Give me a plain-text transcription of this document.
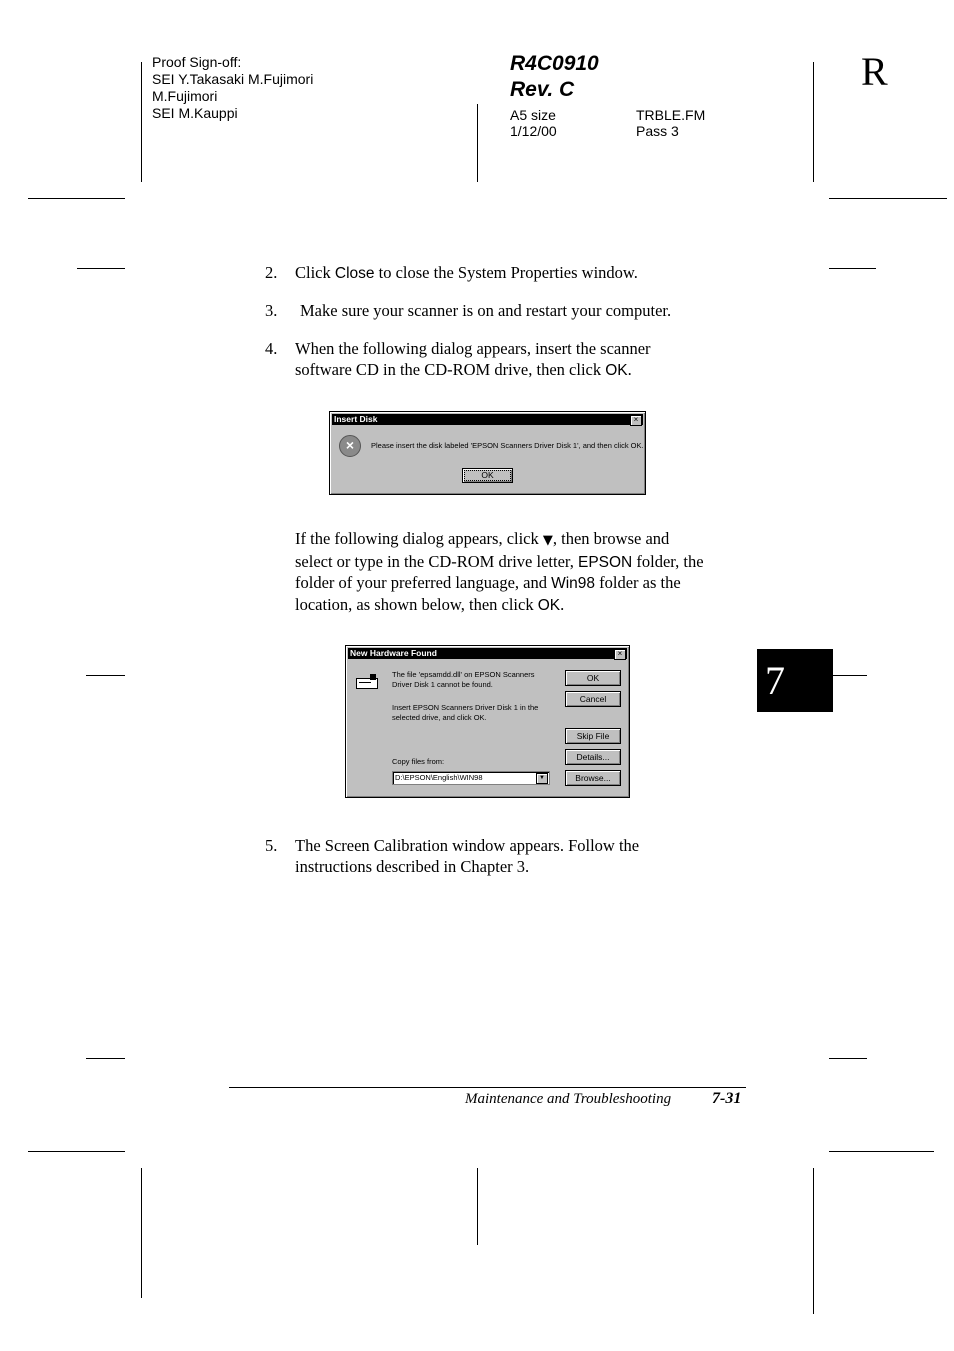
Proof Sign-off:
SEI Y.Takasaki M.Fujimori
M.Fujimori
SEI M.Kauppi
R4C0910
Rev. C
A5 size
1/12/00
TRBLE.FM
Pass 3
R
2.	Click Close to close the System Properties window.
3.	Make sure your scanner is on and restart your computer.
4.	When the following dialog appears, insert the scanner
software CD in the CD-ROM drive, then click OK.
Insert Disk	×
×	Please insert the disk labeled 'EPSON Scanners Driver Disk 1', and then click OK.
OK
If the following dialog appears, click ▼, then browse and
select or type in the CD-ROM drive letter, EPSON folder, the
folder of your preferred language, and Win98 folder as the
location, as shown below, then click OK.
New Hardware Found	×
The file 'epsamdd.dll' on EPSON Scanners
Driver Disk 1 cannot be found.
Insert EPSON Scanners Driver Disk 1 in the
selected drive, and click OK.
Copy files from:
D:\EPSON\English\WIN98	▼
OK
Cancel
Skip File
Details...
Browse...
7
5.	The Screen Calibration window appears. Follow the
instructions described in Chapter 3.
Maintenance and Troubleshooting	7-31
